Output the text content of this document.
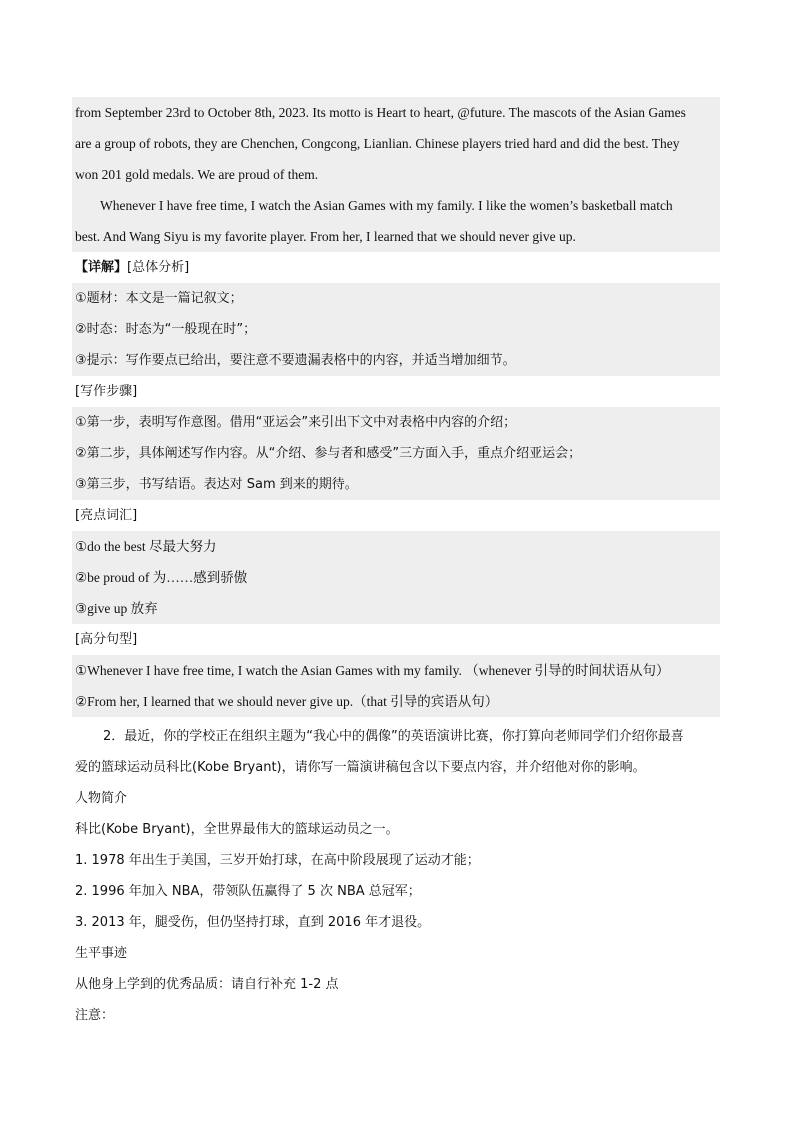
from September 23rd to October 8th, 2023. Its motto is Heart to heart, @future. The mascots of the Asian Games
are a group of robots, they are Chenchen, Congcong, Lianlian. Chinese players tried hard and did the best. They
won 201 gold medals. We are proud of them.
Whenever I have free time, I watch the Asian Games with my family. I like the women’s basketball match
best. And Wang Siyu is my favorite player. From her, I learned that we should never give up.
【详解】[总体分析]
①题材：本文是一篇记叙文；
②时态：时态为“一般现在时”；
③提示：写作要点已给出，要注意不要遗漏表格中的内容，并适当增加细节。
[写作步骤]
①第一步，表明写作意图。借用“亚运会”来引出下文中对表格中内容的介绍；
②第二步，具体阐述写作内容。从“介绍、参与者和感受”三方面入手，重点介绍亚运会；
③第三步，书写结语。表达对 Sam 到来的期待。
[亮点词汇]
①do the best 尽最大努力
②be proud of 为……感到骄傲
③give up 放弃
[高分句型]
①Whenever I have free time, I watch the Asian Games with my family. （whenever 引导的时间状语从句）
②From her, I learned that we should never give up.（that 引导的宾语从句）
2．最近，你的学校正在组织主题为“我心中的偶像”的英语演讲比赛，你打算向老师同学们介绍你最喜
爱的篮球运动员科比(Kobe Bryant)，请你写一篇演讲稿包含以下要点内容，并介绍他对你的影响。
人物简介
科比(Kobe Bryant)，全世界最伟大的篮球运动员之一。
1. 1978 年出生于美国，三岁开始打球，在高中阶段展现了运动才能；
2. 1996 年加入 NBA，带领队伍赢得了 5 次 NBA 总冠军；
3. 2013 年，腿受伤，但仍坚持打球，直到 2016 年才退役。
生平事迹
从他身上学到的优秀品质：请自行补充 1-2 点
注意：
